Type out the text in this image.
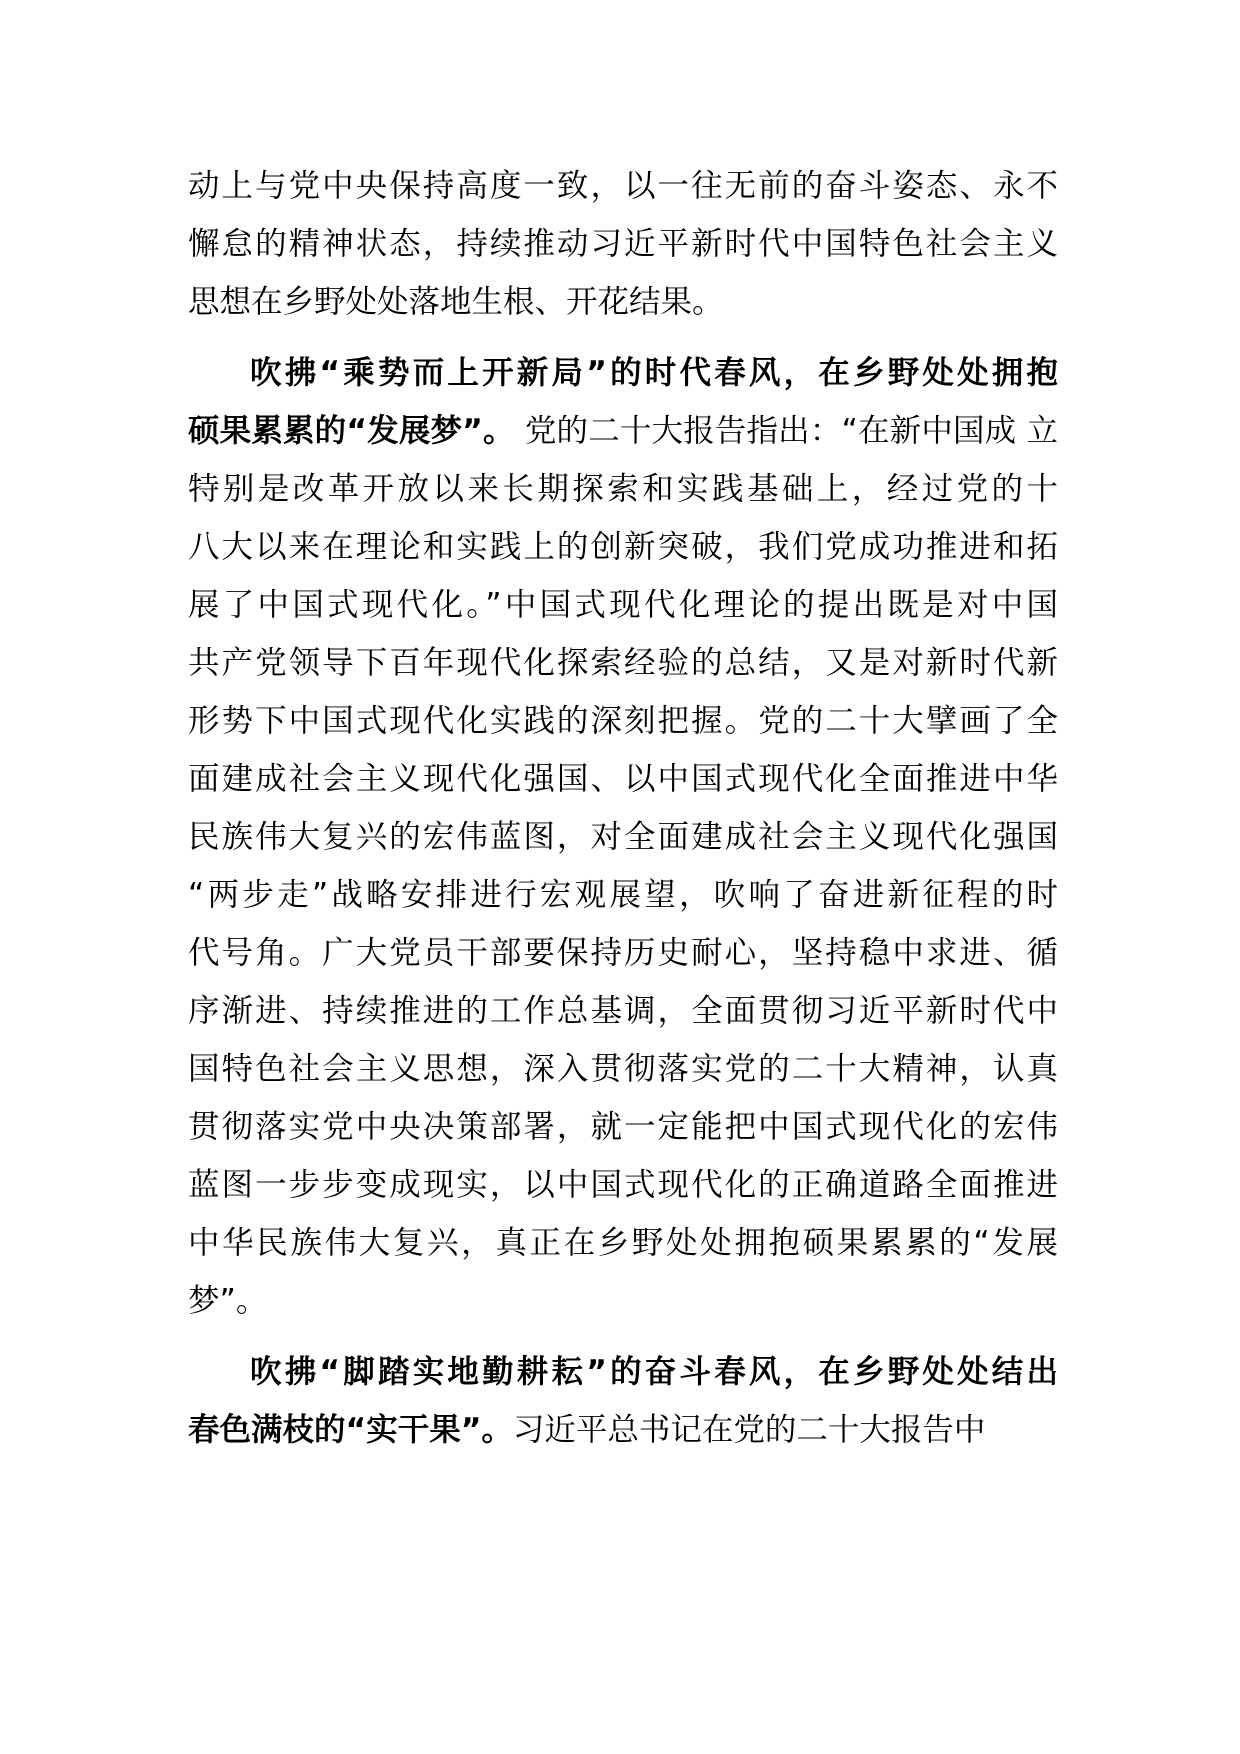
动上与党中央保持高度一致，以一往无前的奋斗姿态、永不
懈怠的精神状态，持续推动习近平新时代中国特色社会主义
思想在乡野处处落地生根、开花结果。
吹拂“乘势而上开新局”的时代春风，在乡野处处拥抱
硕果累累的“发展梦”。 党的二十大报告指出：“在新中国成 立
特别是改革开放以来长期探索和实践基础上，经过党的十
八大以来在理论和实践上的创新突破，我们党成功推进和拓
展了中国式现代化。”中国式现代化理论的提出既是对中国
共产党领导下百年现代化探索经验的总结，又是对新时代新
形势下中国式现代化实践的深刻把握。党的二十大擘画了全
面建成社会主义现代化强国、以中国式现代化全面推进中华
民族伟大复兴的宏伟蓝图，对全面建成社会主义现代化强国
“两步走”战略安排进行宏观展望，吹响了奋进新征程的时
代号角。广大党员干部要保持历史耐心，坚持稳中求进、循
序渐进、持续推进的工作总基调，全面贯彻习近平新时代中
国特色社会主义思想，深入贯彻落实党的二十大精神，认真
贯彻落实党中央决策部署，就一定能把中国式现代化的宏伟
蓝图一步步变成现实，以中国式现代化的正确道路全面推进
中华民族伟大复兴，真正在乡野处处拥抱硕果累累的“发展
梦”。
吹拂“脚踏实地勤耕耘”的奋斗春风，在乡野处处结出
春色满枝的“实干果”。习近平总书记在党的二十大报告中
